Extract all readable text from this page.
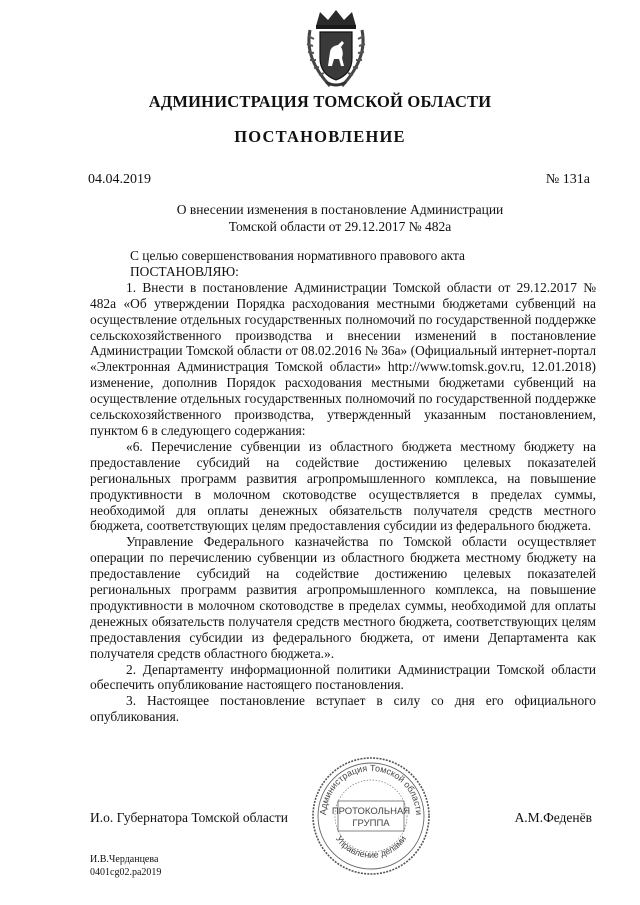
АДМИНИСТРАЦИЯ ТОМСКОЙ ОБЛАСТИ
ПОСТАНОВЛЕНИЕ
04.04.2019	№ 131а
О внесении изменения в постановление Администрации
Томской области от 29.12.2017 № 482а

С целью совершенствования нормативного правового акта

ПОСТАНОВЛЯЮ:

1. Внести в постановление Администрации Томской области от 29.12.2017 № 482а «Об утверждении Порядка расходования местными бюджетами субвенций на осуществление отдельных государственных полномочий по государственной поддержке сельскохозяйственного производства и внесении изменений в постановление Администрации Томской области от 08.02.2016 № 36а» (Официальный интернет-портал «Электронная Администрация Томской области» http://www.tomsk.gov.ru, 12.01.2018) изменение, дополнив Порядок расходования местными бюджетами субвенций на осуществление отдельных государственных полномочий по государственной поддержке сельскохозяйственного производства, утвержденный указанным постановлением, пунктом 6 в следующего содержания:

«6. Перечисление субвенции из областного бюджета местному бюджету на предоставление субсидий на содействие достижению целевых показателей региональных программ развития агропромышленного комплекса, на повышение продуктивности в молочном скотоводстве осуществляется в пределах суммы, необходимой для оплаты денежных обязательств получателя средств местного бюджета, соответствующих целям предоставления субсидии из федерального бюджета.

Управление Федерального казначейства по Томской области осуществляет операции по перечислению субвенции из областного бюджета местному бюджету на предоставление субсидий на содействие достижению целевых показателей региональных программ развития агропромышленного комплекса, на повышение продуктивности в молочном скотоводстве в пределах суммы, необходимой для оплаты денежных обязательств получателя средств местного бюджета, соответствующих целям предоставления субсидии из федерального бюджета, от имени Департамента как получателя средств областного бюджета.».

2. Департаменту информационной политики Администрации Томской области обеспечить опубликование настоящего постановления.

3. Настоящее постановление вступает в силу со дня его официального опубликования.

И.о. Губернатора Томской области	А.М.Феденёв
Администрация Томской области
Управление делами
ПРОТОКОЛЬНАЯ
ГРУППА
И.В.Черданцева
0401cg02.ра2019
